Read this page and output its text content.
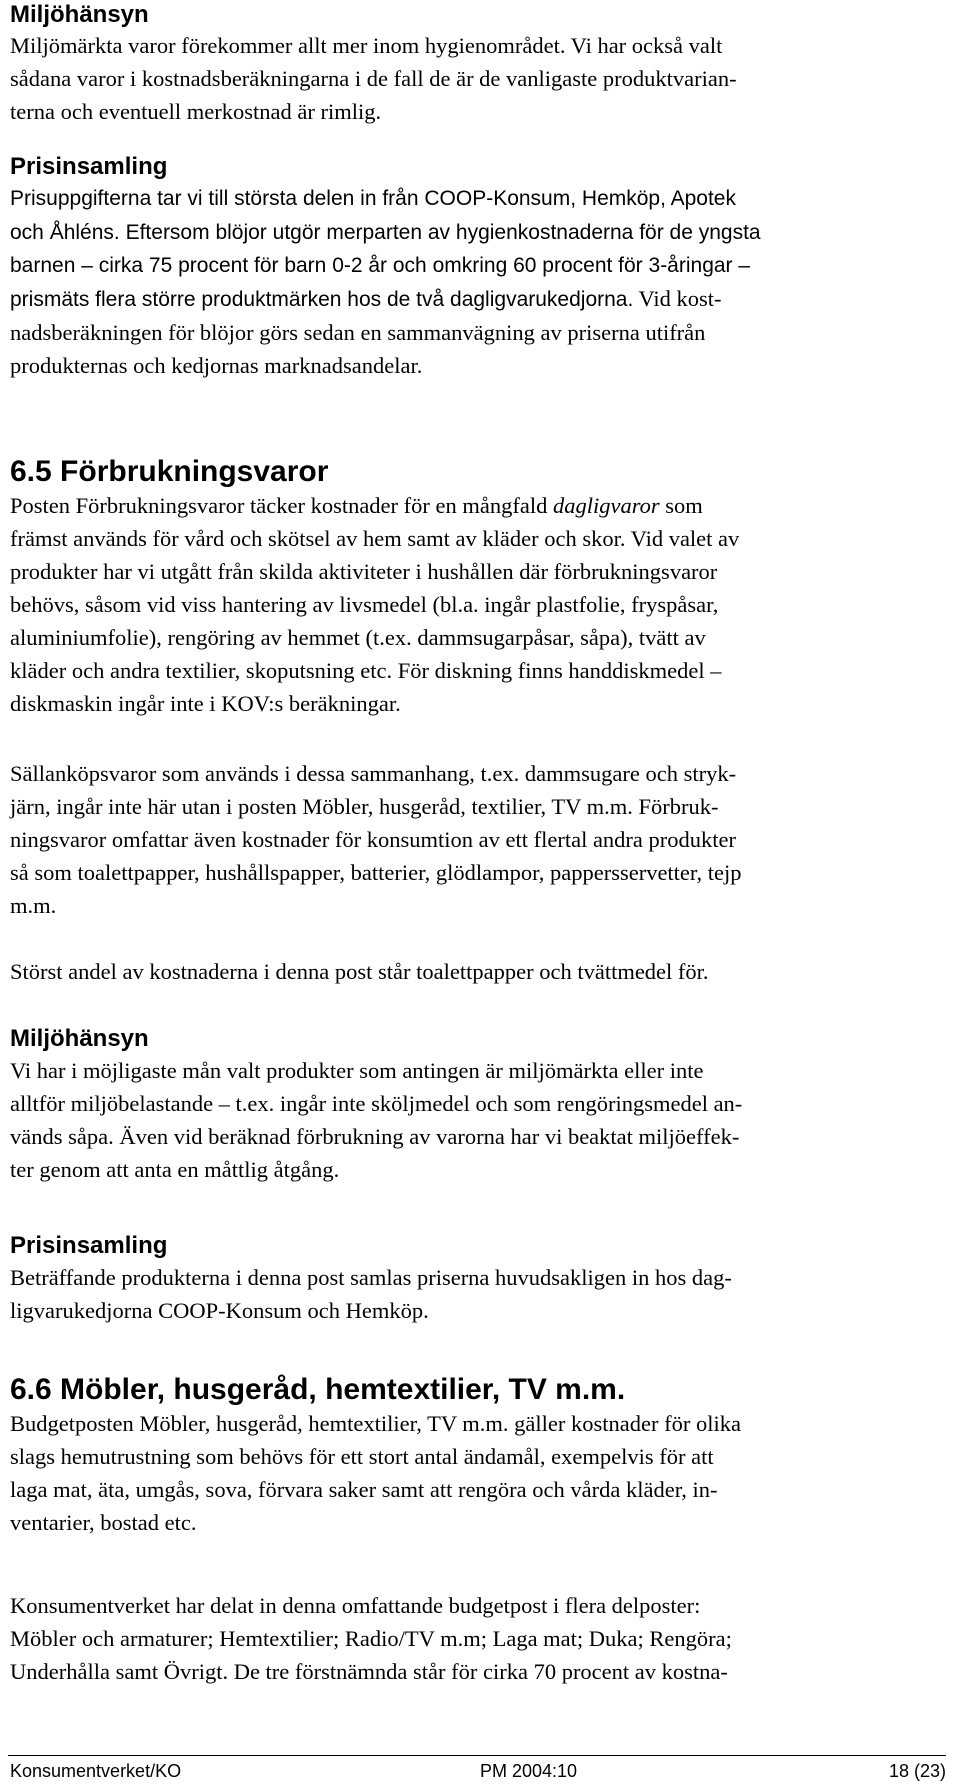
Miljöhänsyn

Miljömärkta varor förekommer allt mer inom hygienområdet. Vi har också valt
sådana varor i kostnadsberäkningarna i de fall de är de vanligaste produktvarian-
terna och eventuell merkostnad är rimlig.

Prisinsamling

Prisuppgifterna tar vi till största delen in från COOP-Konsum, Hemköp, Apotek
och Åhléns. Eftersom blöjor utgör merparten av hygienkostnaderna för de yngsta
barnen – cirka 75 procent för barn 0-2 år och omkring 60 procent för 3-åringar –
prismäts flera större produktmärken hos de två dagligvarukedjorna. Vid kost-
nadsberäkningen för blöjor görs sedan en sammanvägning av priserna utifrån
produkternas och kedjornas marknadsandelar.

6.5 Förbrukningsvaror

Posten Förbrukningsvaror täcker kostnader för en mångfald dagligvaror som
främst används för vård och skötsel av hem samt av kläder och skor. Vid valet av
produkter har vi utgått från skilda aktiviteter i hushållen där förbrukningsvaror
behövs, såsom vid viss hantering av livsmedel (bl.a. ingår plastfolie, fryspåsar,
aluminiumfolie), rengöring av hemmet (t.ex. dammsugarpåsar, såpa), tvätt av
kläder och andra textilier, skoputsning etc. För diskning finns handdiskmedel –
diskmaskin ingår inte i KOV:s beräkningar.

Sällanköpsvaror som används i dessa sammanhang, t.ex. dammsugare och stryk-
järn, ingår inte här utan i posten Möbler, husgeråd, textilier, TV m.m. Förbruk-
ningsvaror omfattar även kostnader för konsumtion av ett flertal andra produkter
så som toalettpapper, hushållspapper, batterier, glödlampor, pappersservetter, tejp
m.m.

Störst andel av kostnaderna i denna post står toalettpapper och tvättmedel för.

Miljöhänsyn

Vi har i möjligaste mån valt produkter som antingen är miljömärkta eller inte
alltför miljöbelastande – t.ex. ingår inte sköljmedel och som rengöringsmedel an-
vänds såpa. Även vid beräknad förbrukning av varorna har vi beaktat miljöeffek-
ter genom att anta en måttlig åtgång.

Prisinsamling

Beträffande produkterna i denna post samlas priserna huvudsakligen in hos dag-
ligvarukedjorna COOP-Konsum och Hemköp.

6.6 Möbler, husgeråd, hemtextilier, TV m.m.

Budgetposten Möbler, husgeråd, hemtextilier, TV m.m. gäller kostnader för olika
slags hemutrustning som behövs för ett stort antal ändamål, exempelvis för att
laga mat, äta, umgås, sova, förvara saker samt att rengöra och vårda kläder, in-
ventarier, bostad etc.

Konsumentverket har delat in denna omfattande budgetpost i flera delposter:
Möbler och armaturer; Hemtextilier; Radio/TV m.m; Laga mat; Duka; Rengöra;
Underhålla samt Övrigt. De tre förstnämnda står för cirka 70 procent av kostna-

Konsumentverket/KO	PM 2004:10	18 (23)
